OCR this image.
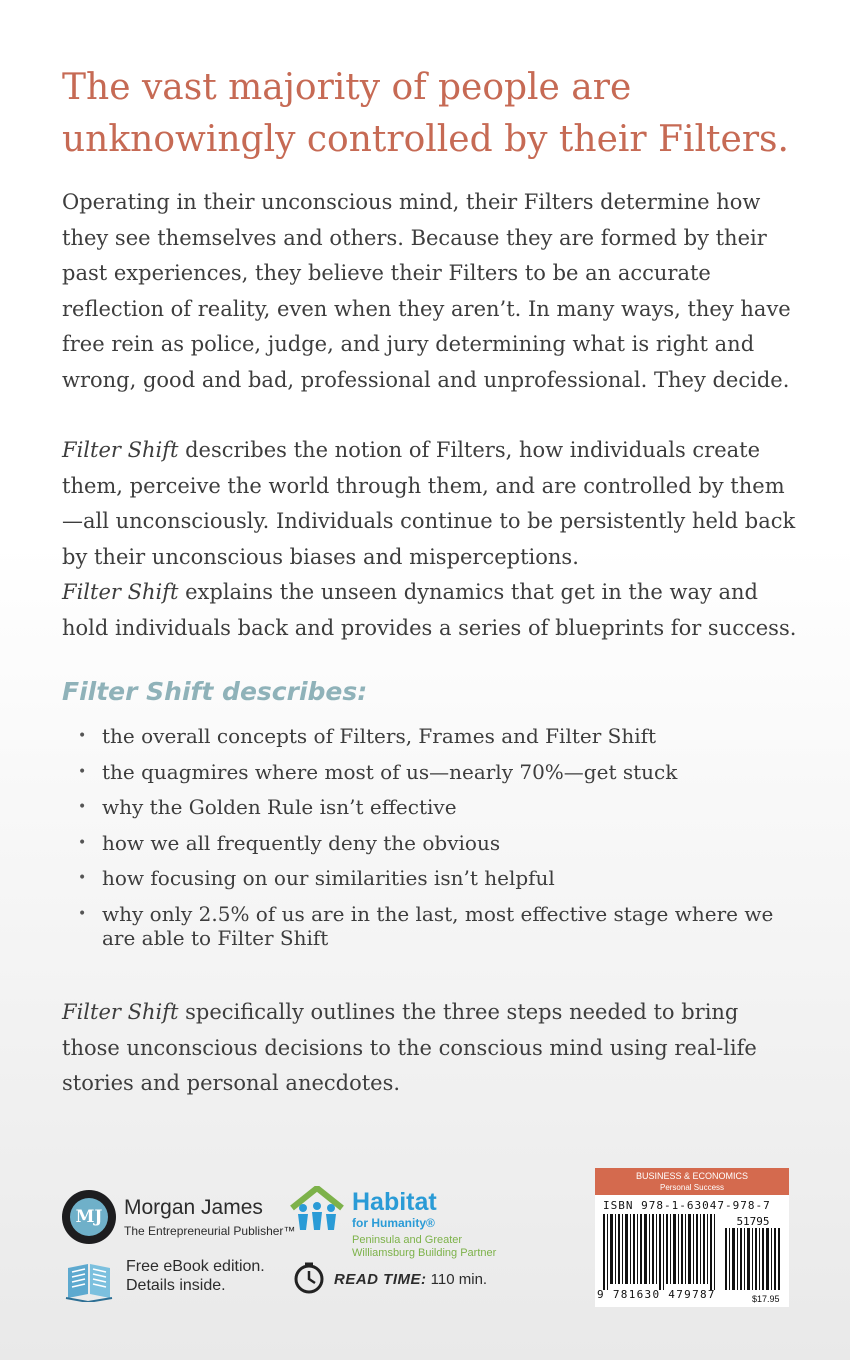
The vast majority of people are unknowingly controlled by their Filters.

Operating in their unconscious mind, their Filters determine how they see themselves and others. Because they are formed by their past experiences, they believe their Filters to be an accurate reflection of reality, even when they aren’t. In many ways, they have free rein as police, judge, and jury determining what is right and wrong, good and bad, professional and unprofessional. They decide.

Filter Shift describes the notion of Filters, how individuals create them, perceive the world through them, and are controlled by them—all unconsciously. Individuals continue to be persistently held back by their unconscious biases and misperceptions.
Filter Shift explains the unseen dynamics that get in the way and hold individuals back and provides a series of blueprints for success.

Filter Shift describes:
• the overall concepts of Filters, Frames and Filter Shift
• the quagmires where most of us—nearly 70%—get stuck
• why the Golden Rule isn’t effective
• how we all frequently deny the obvious
• how focusing on our similarities isn’t helpful
• why only 2.5% of us are in the last, most effective stage where we are able to Filter Shift

Filter Shift specifically outlines the three steps needed to bring those unconscious decisions to the conscious mind using real-life stories and personal anecdotes.

MJ Morgan James
The Entrepreneurial Publisher™
Free eBook edition.
Details inside.
Habitat
for Humanity®
Peninsula and Greater
Williamsburg Building Partner
READ TIME: 110 min.
BUSINESS & ECONOMICS
Personal Success
ISBN 978-1-63047-978-7
51795
9 781630 479787	$17.95
